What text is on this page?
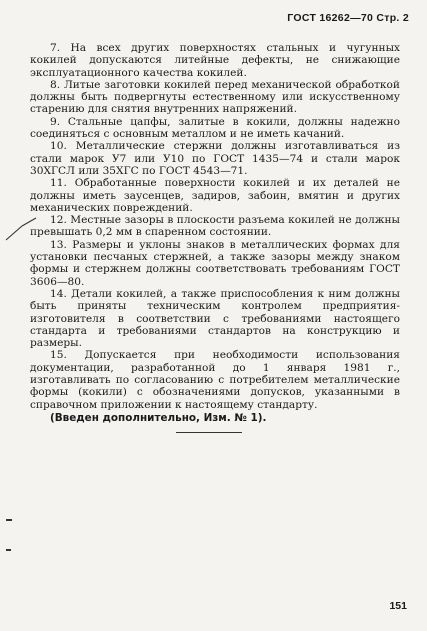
ГОСТ 16262—70 Стр. 2

7. На всех других поверхностях стальных и чугунных кокилей допускаются литейные дефекты, не снижающие эксплуатационного качества кокилей.

8. Литые заготовки кокилей перед механической обработкой должны быть подвергнуты естественному или искусственному старению для снятия внутренних напряжений.

9. Стальные цапфы, залитые в кокили, должны надежно соединяться с основным металлом и не иметь качаний.

10. Металлические стержни должны изготавливаться из стали марок У7 или У10 по ГОСТ 1435—74 и стали марок 30ХГСЛ или 35ХГС по ГОСТ 4543—71.

11. Обработанные поверхности кокилей и их деталей не должны иметь заусенцев, задиров, забоин, вмятин и других механических повреждений.

12. Местные зазоры в плоскости разъема кокилей не должны превышать 0,2 мм в спаренном состоянии.

13. Размеры и уклоны знаков в металлических формах для установки песчаных стержней, а также зазоры между знаком формы и стержнем должны соответствовать требованиям ГОСТ 3606—80.

14. Детали кокилей, а также приспособления к ним должны быть приняты техническим контролем предприятия-изготовителя в соответствии с требованиями настоящего стандарта и требованиями стандартов на конструкцию и размеры.

15. Допускается при необходимости использования документации, разработанной до 1 января 1981 г., изготавливать по согласованию с потребителем металлические формы (кокили) с обозначениями допусков, указанными в справочном приложении к настоящему стандарту.

(Введен дополнительно, Изм. № 1).

151
